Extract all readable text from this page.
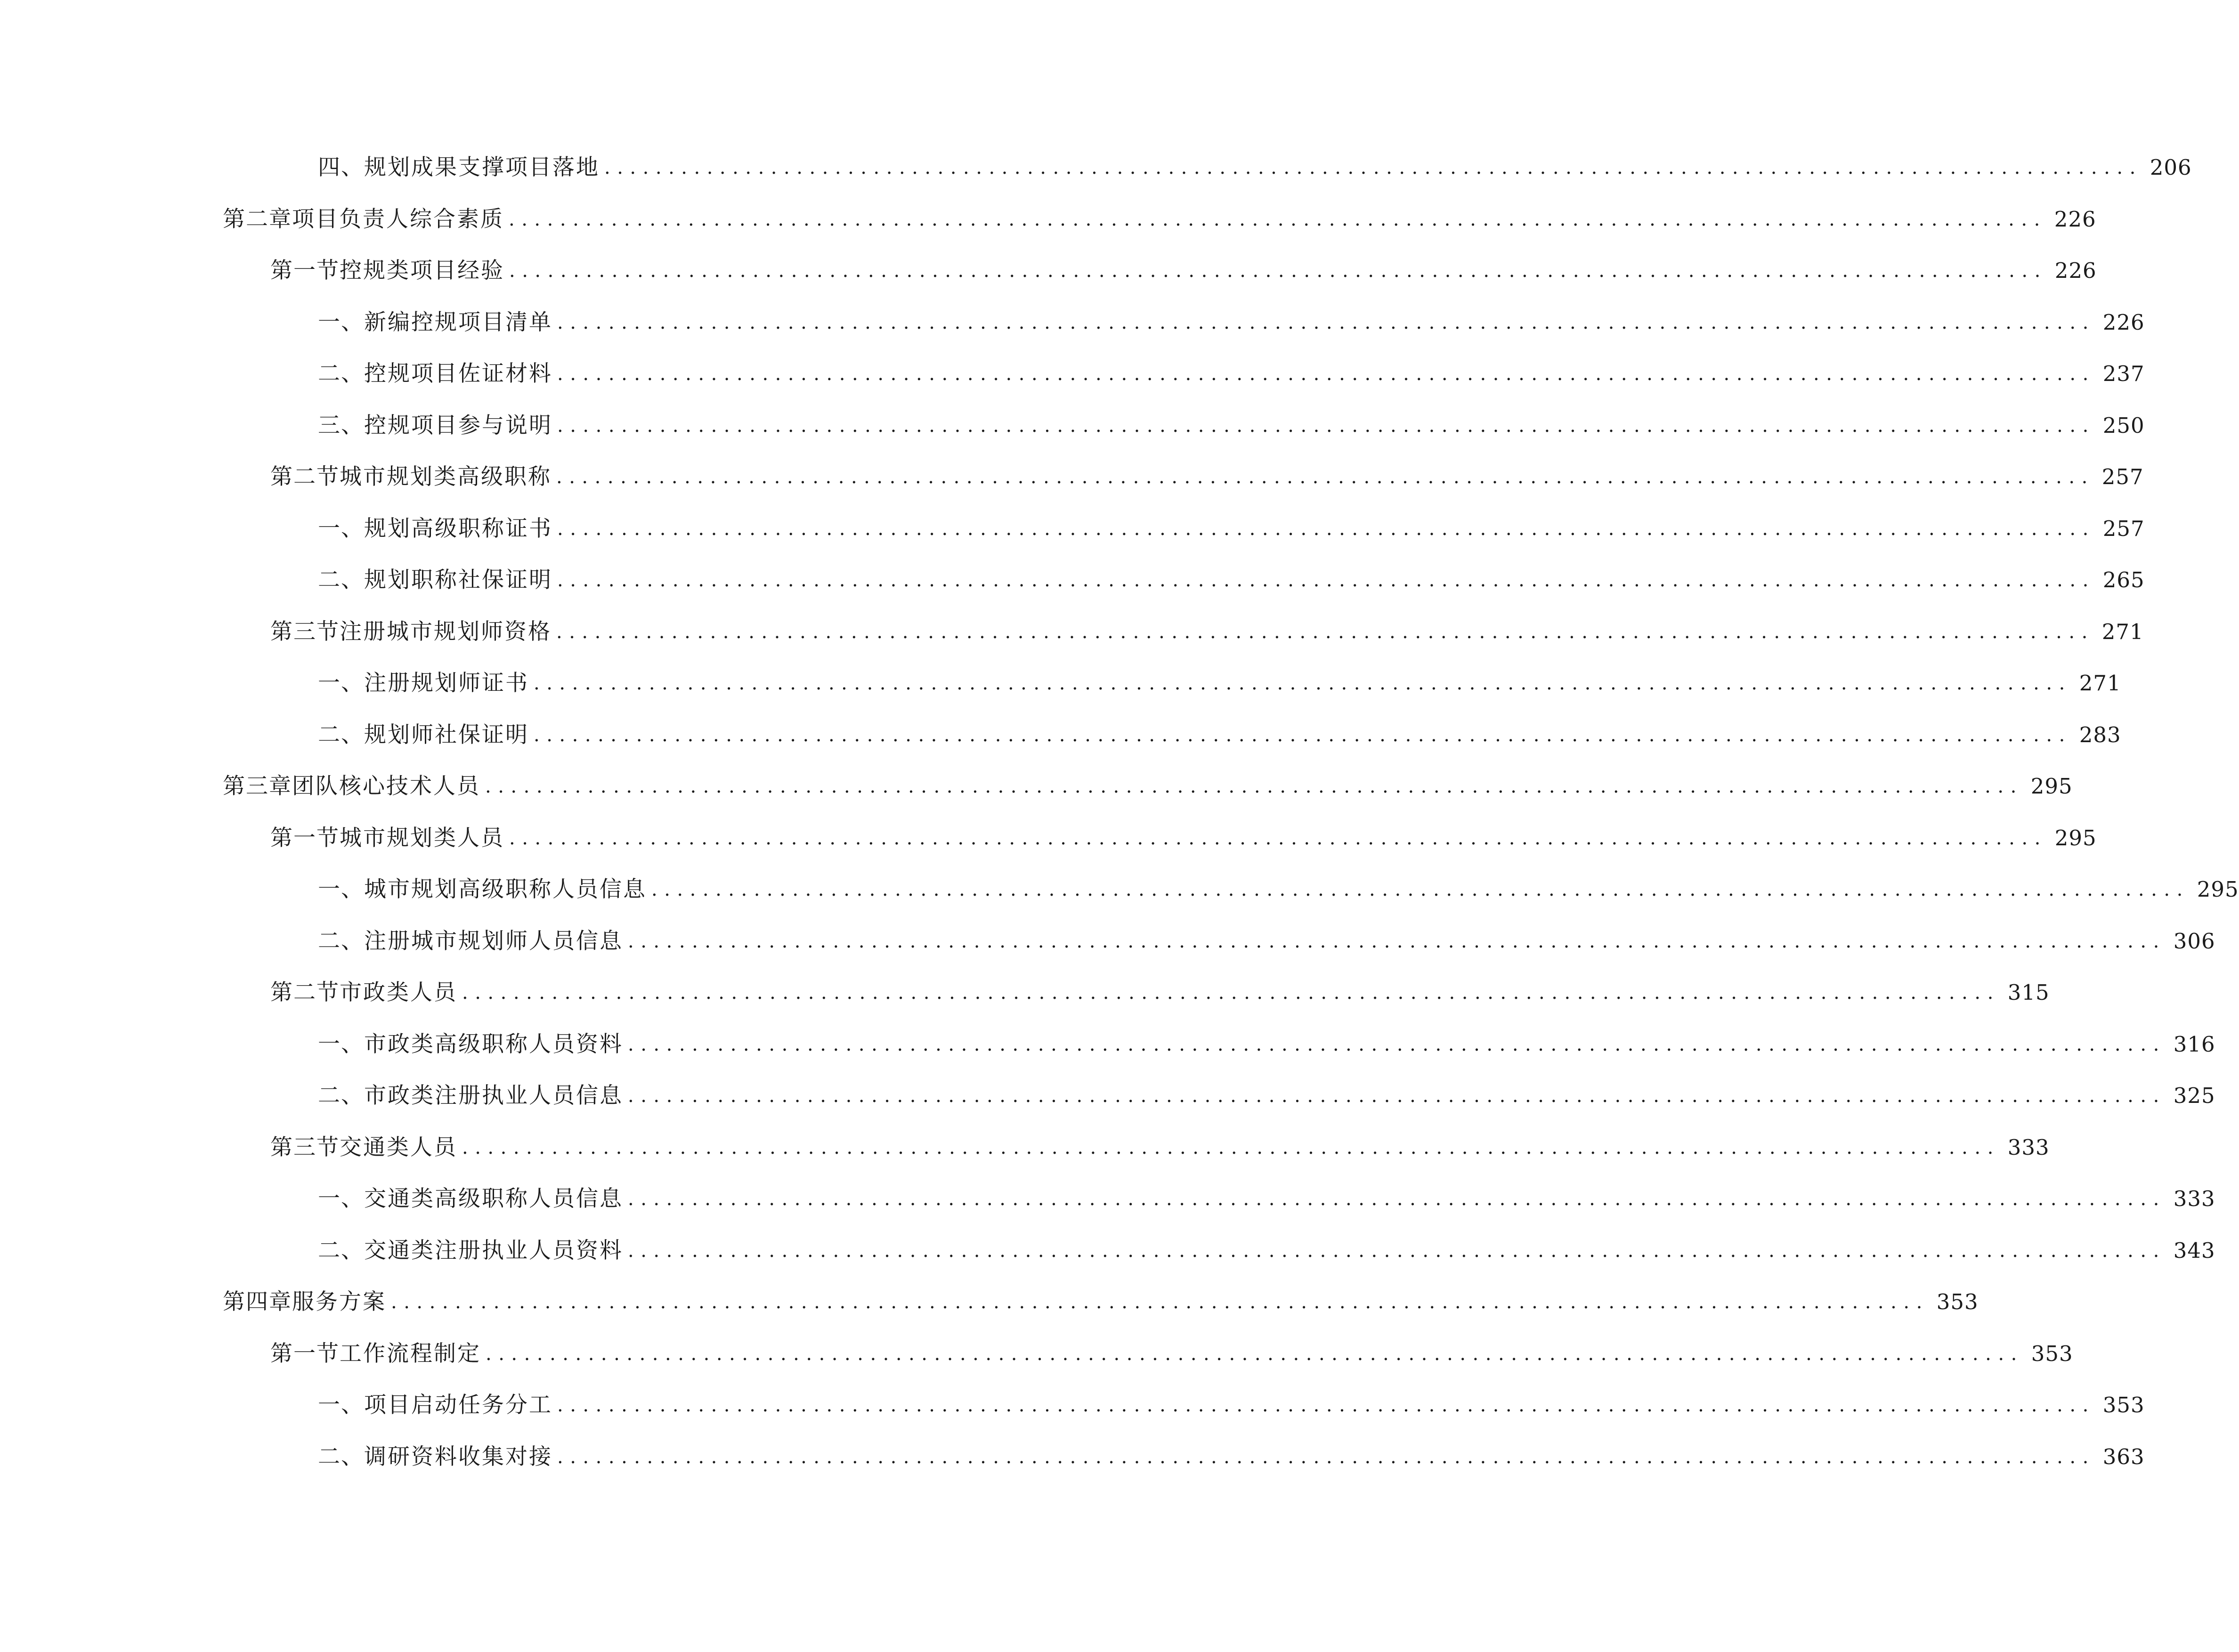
四、 规划成果支撑项目落地 ........................................................................................................................ 206
第二章 项目负责人综合素质 ........................................................................................................................ 226
第一节 控规类项目经验 ........................................................................................................................ 226
一、 新编控规项目清单 ........................................................................................................................ 226
二、 控规项目佐证材料 ........................................................................................................................ 237
三、 控规项目参与说明 ........................................................................................................................ 250
第二节 城市规划类高级职称 ........................................................................................................................ 257
一、 规划高级职称证书 ........................................................................................................................ 257
二、 规划职称社保证明 ........................................................................................................................ 265
第三节 注册城市规划师资格 ........................................................................................................................ 271
一、 注册规划师证书 ........................................................................................................................ 271
二、 规划师社保证明 ........................................................................................................................ 283
第三章 团队核心技术人员 ........................................................................................................................ 295
第一节 城市规划类人员 ........................................................................................................................ 295
一、 城市规划高级职称人员信息 ........................................................................................................................ 295
二、 注册城市规划师人员信息 ........................................................................................................................ 306
第二节 市政类人员 ........................................................................................................................ 315
一、 市政类高级职称人员资料 ........................................................................................................................ 316
二、 市政类注册执业人员信息 ........................................................................................................................ 325
第三节 交通类人员 ........................................................................................................................ 333
一、 交通类高级职称人员信息 ........................................................................................................................ 333
二、 交通类注册执业人员资料 ........................................................................................................................ 343
第四章 服务方案 ........................................................................................................................ 353
第一节 工作流程制定 ........................................................................................................................ 353
一、 项目启动任务分工 ........................................................................................................................ 353
二、 调研资料收集对接 ........................................................................................................................ 363
